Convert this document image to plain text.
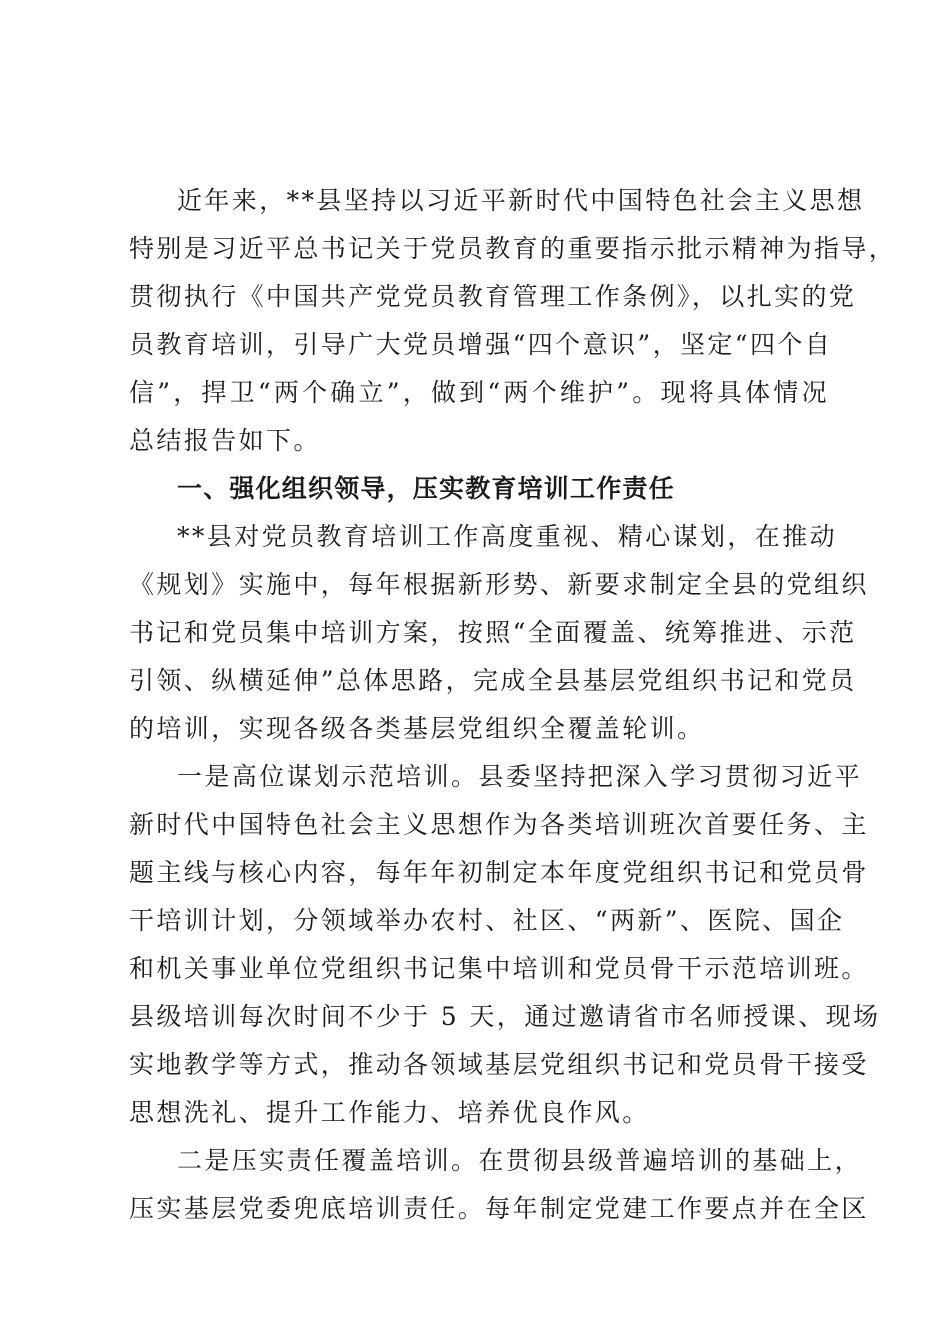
近年来，**县坚持以习近平新时代中国特色社会主义思想

特别是习近平总书记关于党员教育的重要指示批示精神为指导，

贯彻执行《中国共产党党员教育管理工作条例》，以扎实的党

员教育培训，引导广大党员增强“四个意识”，坚定“四个自

信”，捍卫“两个确立”，做到“两个维护”。现将具体情况

总结报告如下。

一、强化组织领导，压实教育培训工作责任

**县对党员教育培训工作高度重视、精心谋划，在推动

《规划》实施中，每年根据新形势、新要求制定全县的党组织

书记和党员集中培训方案，按照“全面覆盖、统筹推进、示范

引领、纵横延伸”总体思路，完成全县基层党组织书记和党员

的培训，实现各级各类基层党组织全覆盖轮训。

一是高位谋划示范培训。县委坚持把深入学习贯彻习近平

新时代中国特色社会主义思想作为各类培训班次首要任务、主

题主线与核心内容，每年年初制定本年度党组织书记和党员骨

干培训计划，分领域举办农村、社区、“两新”、医院、国企

和机关事业单位党组织书记集中培训和党员骨干示范培训班。

县级培训每次时间不少于 5 天，通过邀请省市名师授课、现场

实地教学等方式，推动各领域基层党组织书记和党员骨干接受

思想洗礼、提升工作能力、培养优良作风。

二是压实责任覆盖培训。在贯彻县级普遍培训的基础上，

压实基层党委兜底培训责任。每年制定党建工作要点并在全区
